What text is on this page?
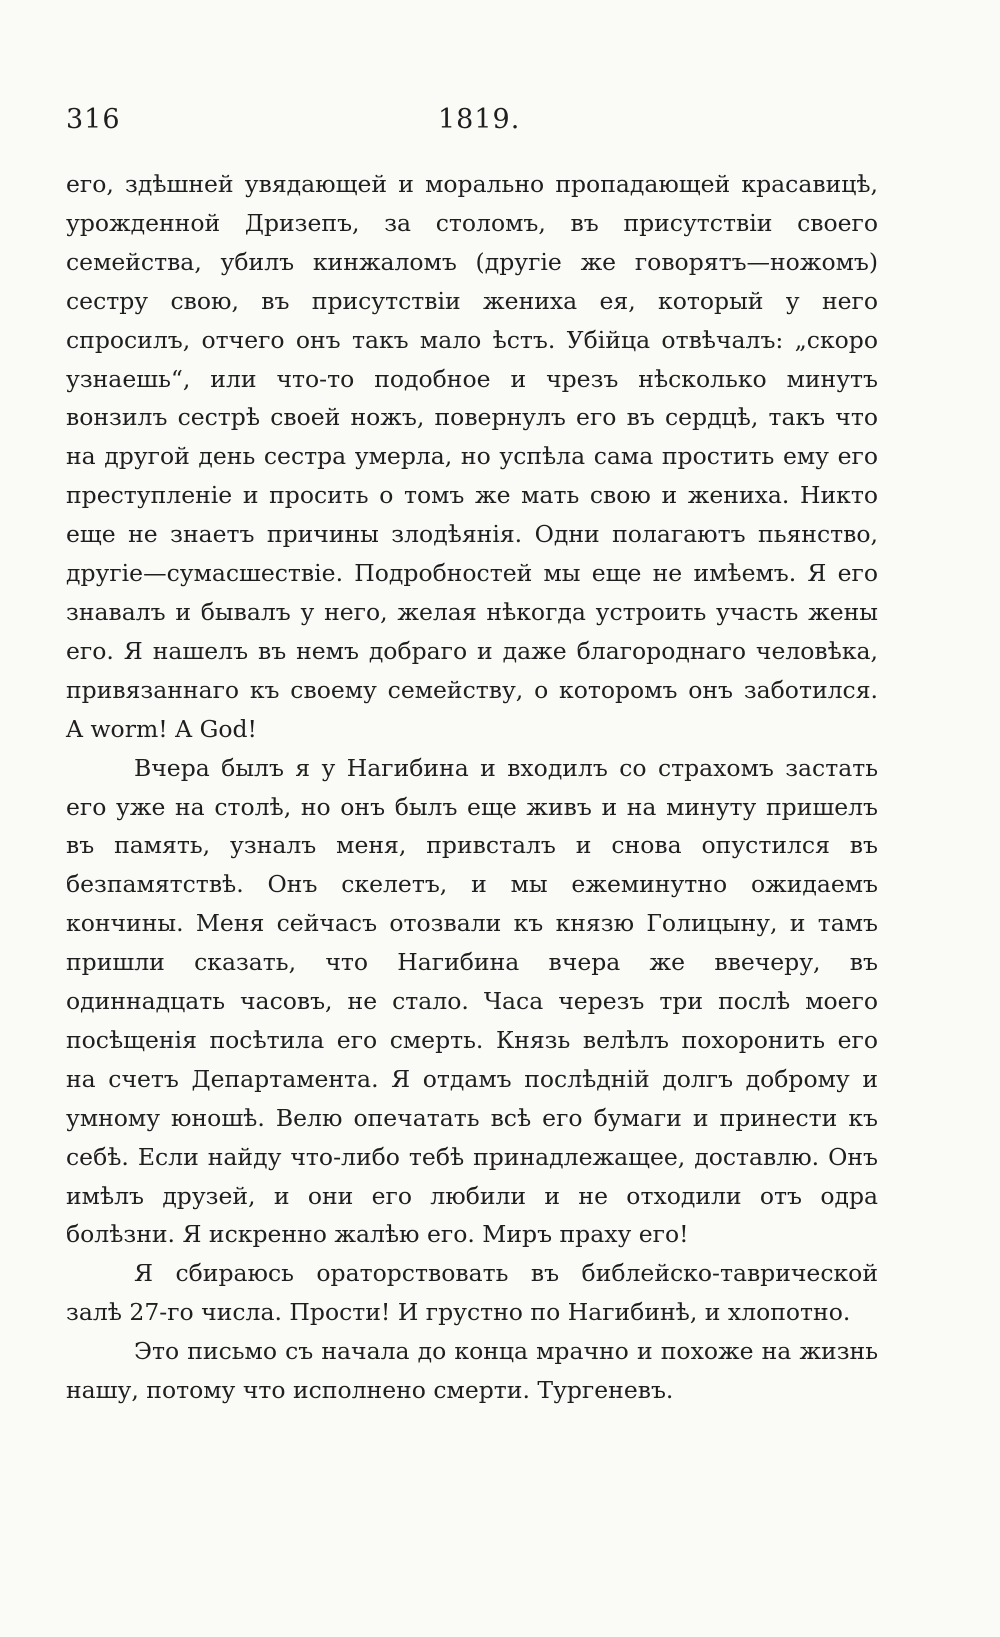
316	1819.

его, здѣшней увядающей и морально пропадающей красавицѣ, урожденной Дризепъ, за столомъ, въ присутствіи своего семейства, убилъ кинжаломъ (другіе же говорятъ—ножомъ) сестру свою, въ присутствіи жениха ея, который у него спросилъ, отчего онъ такъ мало ѣстъ. Убійца отвѣчалъ: „скоро узнаешь“, или что-то подобное и чрезъ нѣсколько минутъ вонзилъ сестрѣ своей ножъ, повернулъ его въ сердцѣ, такъ что на другой день сестра умерла, но успѣла сама простить ему его преступленіе и просить о томъ же мать свою и жениха. Никто еще не знаетъ причины злодѣянія. Одни полагаютъ пьянство, другіе—сумасшествіе. Подробностей мы еще не имѣемъ. Я его знавалъ и бывалъ у него, желая нѣкогда устроить участь жены его. Я нашелъ въ немъ добраго и даже благороднаго человѣка, привязаннаго къ своему семейству, о которомъ онъ заботился. A worm! A God!

Вчера былъ я у Нагибина и входилъ со страхомъ застать его уже на столѣ, но онъ былъ еще живъ и на минуту пришелъ въ память, узналъ меня, привсталъ и снова опустился въ безпамятствѣ. Онъ скелетъ, и мы ежеминутно ожидаемъ кончины. Меня сейчасъ отозвали къ князю Голицыну, и тамъ пришли сказать, что Нагибина вчера же ввечеру, въ одиннадцать часовъ, не стало. Часа черезъ три послѣ моего посѣщенія посѣтила его смерть. Князь велѣлъ похоронить его на счетъ Департамента. Я отдамъ послѣдній долгъ доброму и умному юношѣ. Велю опечатать всѣ его бумаги и принести къ себѣ. Если найду что-либо тебѣ принадлежащее, доставлю. Онъ имѣлъ друзей, и они его любили и не отходили отъ одра болѣзни. Я искренно жалѣю его. Миръ праху его!

Я сбираюсь ораторствовать въ библейско-таврической залѣ 27-го числа. Прости! И грустно по Нагибинѣ, и хлопотно.

Это письмо съ начала до конца мрачно и похоже на жизнь нашу, потому что исполнено смерти. Тургеневъ.
